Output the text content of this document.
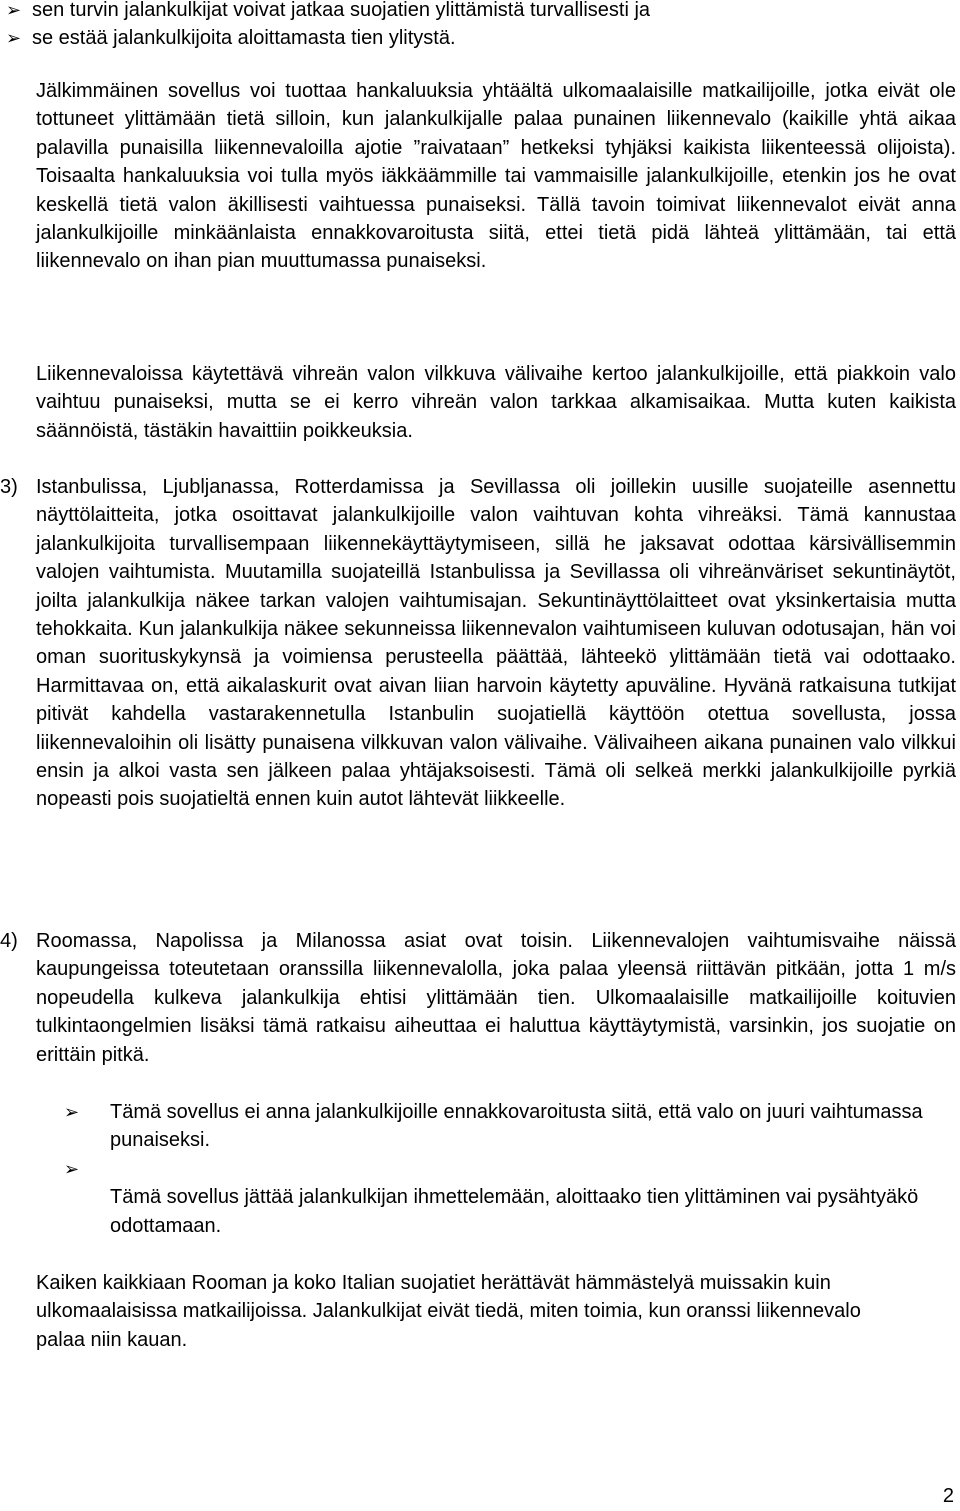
➢ sen turvin jalankulkijat voivat jatkaa suojatien ylittämistä turvallisesti ja
➢ se estää jalankulkijoita aloittamasta tien ylitystä.
Jälkimmäinen sovellus voi tuottaa hankaluuksia yhtäältä ulkomaalaisille matkailijoille, jotka eivät ole tottuneet ylittämään tietä silloin, kun jalankulkijalle palaa punainen liikennevalo (kaikille yhtä aikaa palavilla punaisilla liikennevaloilla ajotie ”raivataan” hetkeksi tyhjäksi kaikista liikenteessä olijoista). Toisaalta hankaluuksia voi tulla myös iäkkäämmille tai vammaisille jalankulkijoille, etenkin jos he ovat keskellä tietä valon äkillisesti vaihtuessa punaiseksi. Tällä tavoin toimivat liikennevalot eivät anna jalankulkijoille minkäänlaista ennakkovaroitusta siitä, ettei tietä pidä lähteä ylittämään, tai että liikennevalo on ihan pian muuttumassa punaiseksi.
Liikennevaloissa käytettävä vihreän valon vilkkuva välivaihe kertoo jalankulkijoille, että piakkoin valo vaihtuu punaiseksi, mutta se ei kerro vihreän valon tarkkaa alkamisaikaa. Mutta kuten kaikista säännöistä, tästäkin havaittiin poikkeuksia.
3) Istanbulissa, Ljubljanassa, Rotterdamissa ja Sevillassa oli joillekin uusille suojateille asennettu näyttölaitteita, jotka osoittavat jalankulkijoille valon vaihtuvan kohta vihreäksi. Tämä kannustaa jalankulkijoita turvallisempaan liikennekäyttäytymiseen, sillä he jaksavat odottaa kärsivällisemmin valojen vaihtumista. Muutamilla suojateillä Istanbulissa ja Sevillassa oli vihreänväriset sekuntinäytöt, joilta jalankulkija näkee tarkan valojen vaihtumisajan. Sekuntinäyttölaitteet ovat yksinkertaisia mutta tehokkaita. Kun jalankulkija näkee sekunneissa liikennevalon vaihtumiseen kuluvan odotusajan, hän voi oman suorituskykynsä ja voimiensa perusteella päättää, lähteekö ylittämään tietä vai odottaako. Harmittavaa on, että aikalaskurit ovat aivan liian harvoin käytetty apuväline. Hyvänä ratkaisuna tutkijat pitivät kahdella vastarakennetulla Istanbulin suojatiellä käyttöön otettua sovellusta, jossa liikennevaloihin oli lisätty punaisena vilkkuvan valon välivaihe. Välivaiheen aikana punainen valo vilkkui ensin ja alkoi vasta sen jälkeen palaa yhtäjaksoisesti. Tämä oli selkeä merkki jalankulkijoille pyrkiä nopeasti pois suojatieltä ennen kuin autot lähtevät liikkeelle.
4) Roomassa, Napolissa ja Milanossa asiat ovat toisin. Liikennevalojen vaihtumisvaihe näissä kaupungeissa toteutetaan oranssilla liikennevalolla, joka palaa yleensä riittävän pitkään, jotta 1 m/s nopeudella kulkeva jalankulkija ehtisi ylittämään tien. Ulkomaalaisille matkailijoille koituvien tulkintaongelmien lisäksi tämä ratkaisu aiheuttaa ei haluttua käyttäytymistä, varsinkin, jos suojatie on erittäin pitkä.
➢	Tämä sovellus ei anna jalankulkijoille ennakkovaroitusta siitä, että valo on juuri vaihtumassa punaiseksi.
➢
Tämä sovellus jättää jalankulkijan ihmettelemään, aloittaako tien ylittäminen vai pysähtyäkö odottamaan.
Kaiken kaikkiaan Rooman ja koko Italian suojatiet herättävät hämmästelyä muissakin kuin ulkomaalaisissa matkailijoissa. Jalankulkijat eivät tiedä, miten toimia, kun oranssi liikennevalo palaa niin kauan.
2
